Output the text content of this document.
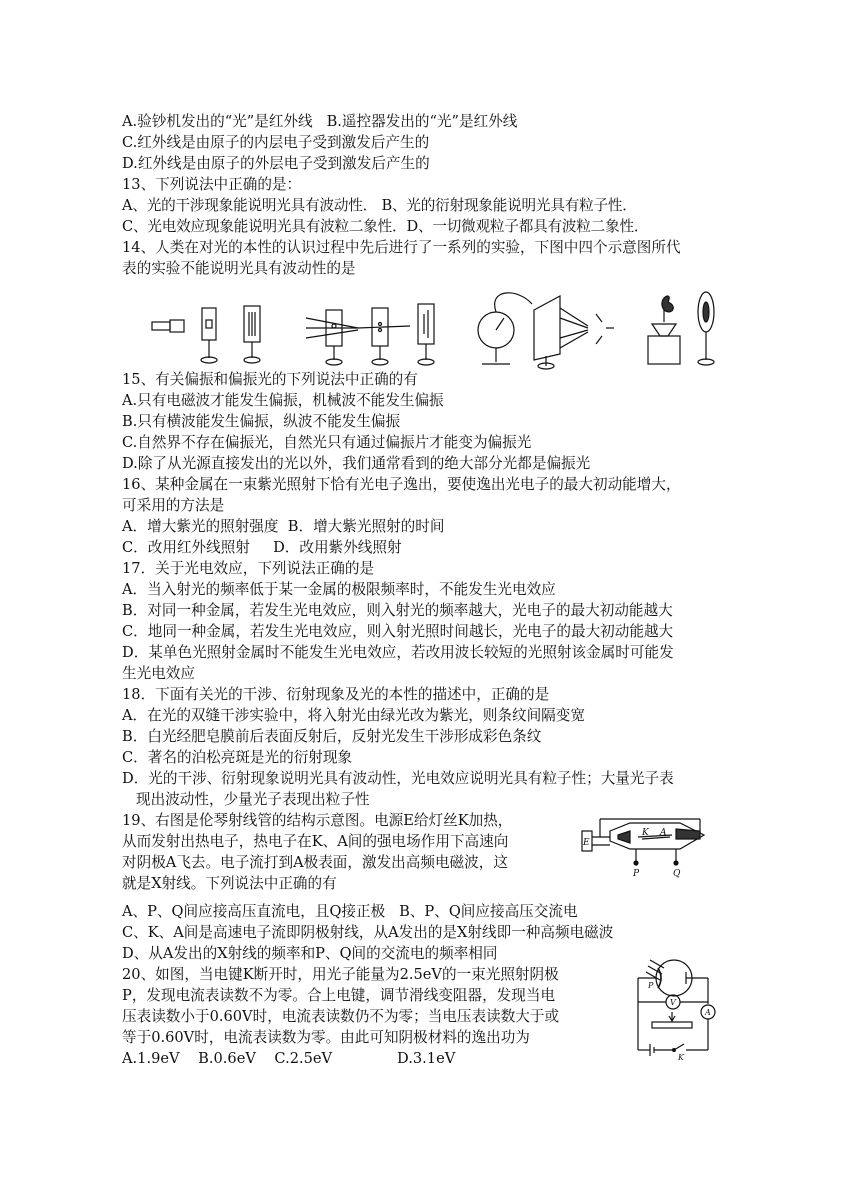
A.验钞机发出的“光”是红外线 B.遥控器发出的“光”是红外线
C.红外线是由原子的内层电子受到激发后产生的
D.红外线是由原子的外层电子受到激发后产生的
13、下列说法中正确的是：
A、光的干涉现象能说明光具有波动性． B、光的衍射现象能说明光具有粒子性．
C、光电效应现象能说明光具有波粒二象性．D、一切微观粒子都具有波粒二象性．
14、人类在对光的本性的认识过程中先后进行了一系列的实验，下图中四个示意图所代
表的实验不能说明光具有波动性的是
15、有关偏振和偏振光的下列说法中正确的有
A.只有电磁波才能发生偏振，机械波不能发生偏振
B.只有横波能发生偏振，纵波不能发生偏振
C.自然界不存在偏振光，自然光只有通过偏振片才能变为偏振光
D.除了从光源直接发出的光以外，我们通常看到的绝大部分光都是偏振光
16、某种金属在一束紫光照射下恰有光电子逸出，要使逸出光电子的最大初动能增大，
可采用的方法是
A．增大紫光的照射强度  B．增大紫光照射的时间
C．改用红外线照射     D．改用紫外线照射
17．关于光电效应，下列说法正确的是
A．当入射光的频率低于某一金属的极限频率时，不能发生光电效应
B．对同一种金属，若发生光电效应，则入射光的频率越大，光电子的最大初动能越大
C．地同一种金属，若发生光电效应，则入射光照时间越长，光电子的最大初动能越大
D．某单色光照射金属时不能发生光电效应，若改用波长较短的光照射该金属时可能发
生光电效应
18．下面有关光的干涉、衍射现象及光的本性的描述中，正确的是
A．在光的双缝干涉实验中，将入射光由绿光改为紫光，则条纹间隔变宽
B．白光经肥皂膜前后表面反射后，反射光发生干涉形成彩色条纹
C．著名的泊松亮斑是光的衍射现象
D．光的干涉、衍射现象说明光具有波动性，光电效应说明光具有粒子性；大量光子表
现出波动性，少量光子表现出粒子性
19、右图是伦琴射线管的结构示意图。电源E给灯丝K加热，
从而发射出热电子，热电子在K、A间的强电场作用下高速向
对阴极A飞去。电子流打到A极表面，激发出高频电磁波，这
就是X射线。下列说法中正确的有
E
K A
P	Q
A、P、Q间应接高压直流电，且Q接正极   B、P、Q间应接高压交流电
C、K、A间是高速电子流即阴极射线，从A发出的是X射线即一种高频电磁波
D、从A发出的X射线的频率和P、Q间的交流电的频率相同
20、如图，当电键K断开时，用光子能量为2.5eV的一束光照射阴极
P，发现电流表读数不为零。合上电键，调节滑线变阻器，发现当电
压表读数小于0.60V时，电流表读数仍不为零；当电压表读数大于或
等于0.60V时，电流表读数为零。由此可知阴极材料的逸出功为
A.1.9eV    B.0.6eV    C.2.5eV              D.3.1eV
P
V
A
K
